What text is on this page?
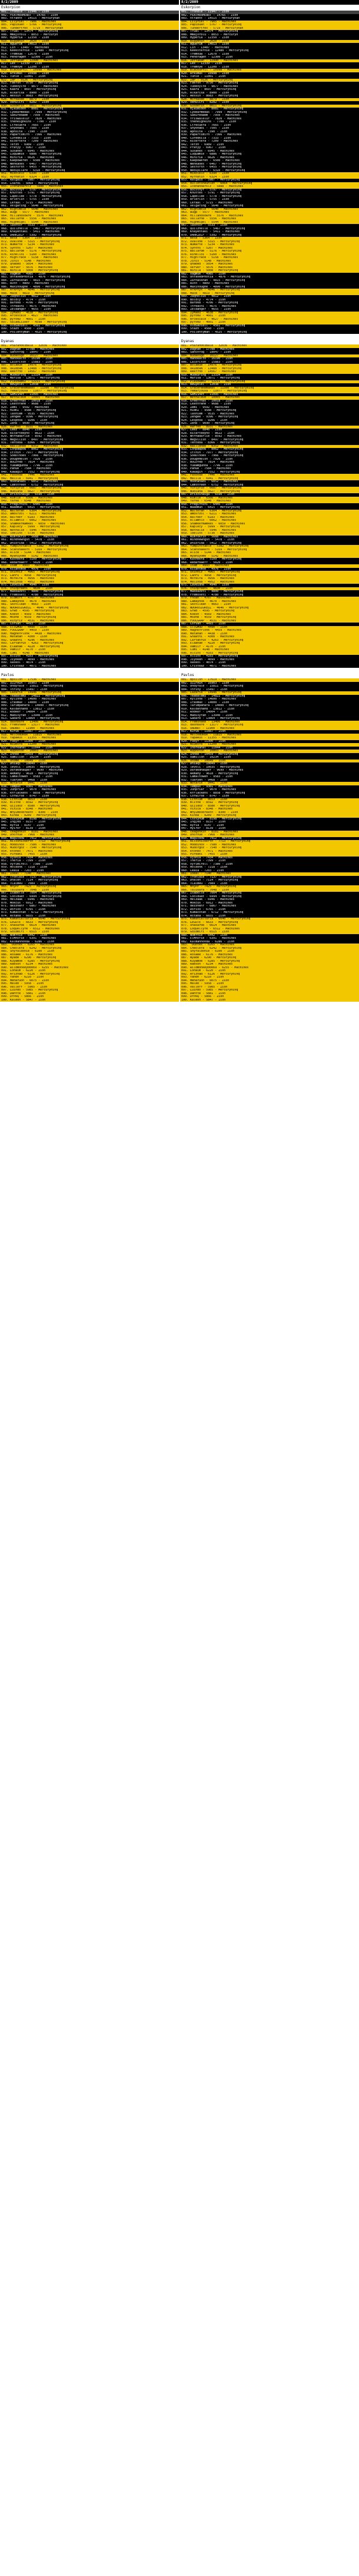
8/2/2009
Eskorpion
001. Trondle - 11946 - Zion
002. FEATHERHEART - 14765 - Zion
003. ntrahnt - 14515 - Mercurynan
004. Lilyriel - 7906 - Machines
005. Papibuen - 5766 - Mercuryninq
006. Tundertrex - 5719 - Mercurynan
007. Trual - 13474 - Mercuryninq
008. Mmajorblu - 8053 - Mercuryn
009. Hyperia - 12350 - Zion
010. Bigyenin - 2020 - Zion
011. Aguerim - 14013 - Zion
012. Lin - 13487 - Machines
013. Keeksternie - 12480 - Mercuryninq
014. Tremouw - 12670 - Zion
015. Pendragen - 12300 - Zion
016. Zettakan - 12990 - Machines
017. Lex - 12339 - Zion
018. Tremoye - 12200 - Zion
019. BlacksPril - 10998 - Machines
020. Arkimas - 10998 - Zion
021. Tuhle - 11001 - Zion
022. ZaP - 9126 - Mercuryninq
023. Faeron - 9750 - Mercuryninq
024. Tubexylfe - 9877 - Machines
025. Kaara - 8697 - Mercuryninq
026. Alkarisa - 8900 - Zion
027. Aessin - 8683 - Mercuryninq
028. Mordaxeb - 8879 - Zion
029. Vehuliri - 8282 - Zion
030. Gusdefin - 8011 - Mercuryninq
031. Hjaimidon - 8081 - Mercuryninq
032. Cybearmedas - 7999 - Mercuryninq
033. Sakuredaem - 7950 - Machines
034. Yriswalelur - 7820 - Machines
035. theneighkins - 7700 - Zion
036. Ltrecuera - 7665 - Zion
037. Shyohabi - 7505 - Zion
038. Aphsita - 7390 - Zion
039. Papartimirn - 7366 - Machines
040. Cufedkila - 7333 - Zion
041. Ricertera - 7209 - Machines
042. Terzh - 6989 - Zion
043. Pratyy - 6967 - Zion
044. Susanex - 6945 - Machines
045. Luquamie - 6886 - Mercuryninq
046. Mihiria - 6626 - Machines
047. Kaepoweren - 6500 - Machines
048. Nehkaoes - 6467 - Mercuryninq
049. Sesforth - 6455 - Mercuryninq
050. Nedipilare - 6310 - Mercuryninq
051. Mikolelo - 6390 - Zion
052. Ayrhatin - 6324 - Zion
053. Ralgaid - 5987 - Mercuryninq
054. Loardi - 6064 - Mercuryninq
055. Icehandarklz - 5888 - Machines
056. Bocsthyr - 5797 - Mercuryninq
057. Khuttes - 5791 - Mercuryninq
058. Lapellee - 5778 - Mercuryninq
059. Arlerlin - 5755 - Zion
060. Leraal - 5715 - Machines
061. Velgaring - 5640 - Mercuryninq
062. Bighimble - 5640 - Machines
063. wugp - 5577 - Machines
064. Hillandsowre - 5576 - Machines
065. Vallarne - 5556 - Machines
066. Highmigel - 5544 - Machines
067. lashtor - 5533 - Zion
068. Quilzhelle - 5467 - Mercuryninq
069. Khayentaki - 5411 - Machines
070. DARKZELF - 5392 - Mercuryninq
071. Besa - 5364 - Zion
072. Uvalshe - 5315 - Mercuryninq
073. Numarte - 5234 - Machines
074. Synths - 5207 - Machines
075. Ballarde - 5176 - Mercuryninq
076. Rinelloi - 5160 - Machines
077. HighTrace - 5158 - Machines
078. Jinis - 5148 - Machines
079. Qhabed - 5054 - Machines
080. server - 5076 - Machines
081. Ninila - 5008 - Mercuryninq
082. Vagmue - 4985 - Zion
083. UnfavedPhotia - 4876 - Mercuryninq
084. Zarnaskhan - 4815 - Mercuryninq
085. Ruth - 4809 - Machines
086. Maxihoughe - 4890 - Mercuryninq
087. ArkPhyx - 4846 - Mercuryninq
088. MacB - 4819 - Mercuryninq
089. Jaqhelius - 4812 - Zion
090. Boldly - 4774 - Zion
091. Barb08 - 4706 - Mercuryninq
092. Threachi - 4675 - Machines
093. Zeldanger - 4655 - Zion
094. ZyMabu - 4638 - Mercuryninq
095. Arcescale - 4627 - Machines
096. pyro0D - 4601 - Zion
097. saladLiiRer - 4598 - Mercuryninq
098. OldSaviell - 4561 - Mercuryninq
099. Stazh - 4560 - Zion
100. Poilentyman - 4525 - Mercuryninq
Dyanas
001. Pharah003Bale - 32036 - Machines
002. Dagnae - 17788 - Machines
003. Sanchrog - 18047 - Zion
004. Budaosgo - 16127 - Machines
005. Hanokalto - 16190 - Zion
006. Lalbriton - 15883 - Zion
007. Bolabue - 14976 - Mercuryninq
008. ORIBERN - 13488 - Mercuryninq
009. Reerrnb - 14567 - Machines
010. Mudkaring - 13334 - Zion
011. Marisa - 13071 - Mercuryninq
012. PleshRm02 - 12211 - Mercuryninq
013. BeGyelel - 12038 - Zion
014. GraceFeRemakes - 11500 - Mercuryninq
015. remarjouxa - 11077 - Mercuryninq
016. GeMIShet - 11095 - Machines
017. methaTeOd - 10005 - Machines
018. Greefrhas - 10018 - Zion
019. Leathrane - 9688 - Zion
020. Zemi - 9592 - Machines
021. HIBKI - 9588 - Mercuryninq
022. lashiem - 9535 - Machines
023. Zengee - 9396 - Mercuryninq
024. Lesphoa - 9206 - Zion
025. Zeh8 - 9090 - Mercuryninq
026. RwFre8 - 8931 - Machines
027. Leez - 8846 - Zion
028. Ricartedyno - 8622 - Zion
029. Nhrhadarlie - 8592 - Machines
030. Megvilish - 8497 - Mercuryninq
031. Tenteba - 8366 - Mercuryninq
032. Raillenee - 8352 - Machines
033. Lonpawpow - 8062 - Mercuryninq
034. ItThin - 7977 - Mercuryninq
035. SoeDThoes - 7966 - Mercuryninq
036. DoughHelon - 7926 - Zion
037. BOLDYRB - 7814 - Machines
038. Yueamgunna - 7796 - Zion
039. Panue - 7584 - Machines
040. Kawagin - 7552 - Mercuryninq
041. Fasonda - 7446 - Machines
042. Malila - 6941 - Mercuryninq
043. Hodhahadi - 6852 - Machines
044. Cemthreen - 6752 - Mercuryninq
045. Yuriyr10 - 6687 - Mercuryninq
046. Nubiana - 6627 - Mercuryninq
047. Drizzinaiga - 6590 - Zion
048. Rimlie - 6566 - Machines
049. Yarke - 6548 - Machines
050. Pregirnini - 6445 - Zion
051. Waadmun - 6415 - Mercuryninq
052. Walteran - 6304 - Mercuryninq
053. ambsrzol - 6211 - Machines
054. Balfeer - 6183 - Machines
055. Allamnlo - 6062 - Machines
056. ShamkerNamkes - 6059 - Machines
057. Kaplecy - 5999 - Mercuryninq
058. Nathalie - 5946 - Machines
059. lbelinx - 5730 - Machines
060. Nimrokrin - 5688 - Machines
061. Windnewngsh - 5478 - Zion
062. Dhibrida - 5412 - Mercuryninq
063. Yumpinstable - 5382 - Mercuryninq
064. Scanshakern - 5169 - Mercuryninq
065. Alice - 5144 - Machines
066. Nyahuyome - 5142 - Machines
067. Kasheera - 5109 - Mercuryninq
068. Redarbaeff - 5020 - Zion
069. Isam - 4993 - Machines
070. Ricahtmoe - 4976 - Zion
071. Oxinhiz - 4965 - Mercuryninq
072. LanFu - 4958 - Mercuryninq
073. Moreira - 4956 - Machines
074. Malinoa - 4952 - Machines
075. Laveidne - 4940 - Zion
076. chinpreeni - 4830 - Zion
077. Makkazeti - 4800 - Mercuryninq
078. Fremoseti - 4780 - Mercuryninq
079. aldmort - 4707 - Machines
080. Lamaynok - 4670 - Machines
081. Skotilean - 4663 - Zion
082. NDOROSIGKELL - 4646 - Mercuryninq
083. Grwd - 4595 - Mercuryninq
084. Koesh - 4569 - Machines
085. Mozhe - 4559 - Mercuryninq
086. Rinyfiz - 4531 - Machines
087. Corvah - 4493 - Zion
088. illGMOD - 4490 - Zion
089. FOOLGRAP - 4459 - Zion
090. HagnerPlonk - 4438 - Machines
091. Matahah - 4300 - Zion
092. Gnaathi - 4296 - Machines
093. Cartanrux - 4263 - Mercuryninq
094. Elaanae - 4220 - Mercuryninq
095. Vamiir - 4170 - Zion
096. Cumi - 4148 - Machines
097. Alcinx - 4103 - Mercuryninq
098. Jiyoken - 4099 - Machines
099. Xaskol - 4074 - Zion
100. Cristeaz - 4071 - Machines
Pavlos
001. Bpsilon - 17536 - Machines
002. ILLFAIR - 16903 - Zion
003. Ondyrale - 15811 - Mercuryninq
004. Thriny - 15497 - Zion
005. Lazaria - 14946 - Mercuryninq
006. Teadalemy - 14822 - Mercuryninq
007. Rylinne - 14600 - Machines
008. Irasmax - 14000 - Zion
009. Tarimpahara - 14000 - Mercuryninq
010. Kaldathand - 13812 - Zion
011. Rodker - 14004 - Zion
012. Madisyrah - 13940 - Zion
013. Gabarb - 13864 - Mercuryninq
014. dashbare - 13406 - Mercuryninq
015. Fremsnake - 13177 - Machines
016. OADBRT - 11900 - Machines
017. Kuruk - 11667 - Zion
018. MelckeDROR - 11815 - Machines
019. Yapaeus - 11355 - Machines
020. Fobyr - 11300 - Zion
021. Niuesf8 - 11200 - Machines
022. Inbreanal - 11044 - Zion
023. RDphoton - 10803 - Machines
024. Innke - 10459 - Mercuryninq
025. Xamillon - 10234 - Zion
026. Unsme - 10049 - Zion
027. Dhiaqi - 10049 - Zion
028. levoli - 10035 - Mercuryninq
029. Darakdhauper - 9699 - Machines
030. Akmany - 9618 - Mercuryninq
031. Camaltowen - 9583 - Zion
032. Tuaryen - 9468 - Zion
033. Notarie - 9441 - Zion
034. Tempus - 9301 - Machines
035. Juhpriar - 9070 - Machines
036. RfFlackens - 8858 - Mercuryninq
037. Cofwirse - 8747 - Zion
038. Lithlum - 8653 - Zion
039. mlithe - 8592 - Mercuryninq
040. Qijidoz - 8580 - Mercuryninq
041. Vixica - 8348 - Machines
042. WhyImesBreath - 8300 - Zion
043. Kinda - 8289 - Mercuryninq
044. Cozsynum - 8198 - Mercuryninq
045. Ingjed - 8157 - Zion
046. Ryria - 8147 - Zion
047. Hyirer - 8139 - Zion
048. ceagonkin - 8101 - Machines
049. Dhorhue - 7968 - Machines
050. magicbow - 7912 - Mercuryninq
051. Ailssnickerth - 7713 - Mercuryninq
052. Hobbinox - 7580 - Machines
053. Mudorgoz - 7540 - Mercuryninq
054. Rtonbo - 7471 - Machines
055. Pureaki - 7455 - Zion
056. Ojonia - 7434 - Machines
057. Theria - 7399 - Zion
058. Vyrimirell - 7380 - Zion
059. Holdonk - 7218 - Zion
060. Leaia - 7203 - Zion
061. Ioeal - 7140 - Machines
062. Tronlaie - 7137 - Mercuryninq
063. Dhalen - 7114 - Mercuryninq
064. TCalmeu - 7089 - Zion
065. MhyPP - 7425 - Mercuryninq
066. Taluvara - 7048 - Zion
067. Isabelle - 7004 - Mercuryninq
068. Coolduat - 6994 - Mercuryninq
069. Helzaak - 6946 - Machines
070. Mokcus - 6912 - Machines
071. dezzhenr - 6867 - Machines
072. Dorixo - 6765 - Zion
073. Kumacotan - 6712 - Mercuryninq
074. Astana - 6655 - Zion
075. Kamahialtaria - 6640 - Mercuryninq
076. LEGOTE - 6633 - Mercuryninq
077. Xhasar08 - 6614 - Machines
078. Loquellyre - 6512 - Machines
079. Gdidmiri - 6515 - Zion
080. Nomrhie - 6442 - Zion
081. ElMhorie - 6391 - Machines
082. Kalmanhonda - 6286 - Zion
083. 'Duotex - 6265 - Machines
084. Cheolera - 6242 - Mercuryninq
085. Shyralbonie - 6100 - Zion
086. Rosaee - 6176 - Machines
087. Nyade - 6290 - Mercuryninq
088. Kuyamoe - 6285 - Mercuryninq
089. Raeson - 6234 - Machines
090. wildmonkey00069 - 6255 - Machines
091. Lohaim - 6220 - Zion
092. Arizhad - 6126 - Mercuryninq
093. Yandh - 6210 - Zion
094. Meharuon - 6075 - Zion
095. Maleb - 5958 - Zion
096. Vallerr - 5905 - Zion
097. Luindo - 5985 - Mercuryninq
098. Dantte - 5881 - Zion
099. DrPRQ - 5866 - Zion
100. Kaleon - 5847 - Zion
8/2/2009
Eskorpion
001. Trondle - 11947 - Zion
002. FEATHERHEART - 14765 - Zion
003. ntrahnt - 14515 - Mercurynan
004. Lilyriel - 7905 - Machines
005. Papibuen - 5767 - Mercuryninq
006. Tundertrex - 5719 - Mercurynan
007. Trual - 13474 - Mercuryninq
008. Mmajorblu - 8053 - Mercuryn
009. Hyperia - 12350 - Zion
010. Bigyenin - 2020 - Zion
011. Aguerim - 14013 - Zion
012. Lin - 13487 - Machines
013. Keeksternie - 12480 - Mercuryninq
014. Tremouw - 12670 - Zion
015. Pendragen - 12300 - Zion
016. Zettakan - 12990 - Machines
017. Lex - 12339 - Zion
018. Tremoye - 12200 - Zion
019. BlacksPril - 10998 - Machines
020. Arkimas - 10998 - Zion
021. Tuhle - 11001 - Zion
022. ZaP - 9126 - Mercuryninq
023. Faeron - 9750 - Mercuryninq
024. Tubexylfe - 9877 - Machines
025. Kaara - 8697 - Mercuryninq
026. Alkarisa - 8900 - Zion
027. Aessin - 8683 - Mercuryninq
028. Mordaxeb - 8879 - Zion
029. Vehuliri - 8282 - Zion
030. Gusdefin - 8011 - Mercuryninq
031. Hjaimidon - 8081 - Mercuryninq
032. Cybearmedas - 7999 - Mercuryninq
033. Sakuredaem - 7950 - Machines
034. Yriswalelur - 7820 - Machines
035. theneighkins - 7700 - Zion
036. Ltrecuera - 7665 - Zion
037. Shyohabi - 7505 - Zion
038. Aphsita - 7390 - Zion
039. Papartimirn - 7366 - Machines
040. Cufedkila - 7333 - Zion
041. Ricertera - 7209 - Machines
042. Terzh - 6989 - Zion
043. Pratyy - 6967 - Zion
044. Susanex - 6945 - Machines
045. Luquamie - 6886 - Mercuryninq
046. Mihiria - 6626 - Machines
047. Kaepoweren - 6500 - Machines
048. Nehkaoes - 6467 - Mercuryninq
049. Sesforth - 6455 - Mercuryninq
050. Nedipilare - 6310 - Mercuryninq
051. Mikolelo - 6390 - Zion
052. Ayrhatin - 6324 - Zion
053. Ralgaid - 5987 - Mercuryninq
054. bulletsneuhlen - 6064 - Mercuryninq
055. Icehandarklz - 5888 - Machines
056. Bocsthyr - 5797 - Mercuryninq
057. Khuttes - 5791 - Mercuryninq
058. Lapellee - 5778 - Mercuryninq
059. Arlerlin - 5755 - Zion
060. Leraal - 5715 - Machines
061. Velgaring - 5640 - Mercuryninq
062. Bighimble - 5640 - Machines
063. wugp - 5577 - Machines
064. Hillandsowre - 5576 - Machines
065. Vallarne - 5556 - Machines
066. Highmigel - 5544 - Machines
067. lashtor - 5533 - Zion
068. Quilzhelle - 5467 - Mercuryninq
069. Khayentaki - 5411 - Machines
070. DARKZELF - 5392 - Mercuryninq
071. Besa - 5364 - Zion
072. Uvalshe - 5315 - Mercuryninq
073. Numarte - 5234 - Machines
074. Synths - 5207 - Machines
075. Ballarde - 5176 - Mercuryninq
076. Rinelloi - 5160 - Machines
077. HighTrace - 5158 - Machines
078. Jinis - 5148 - Machines
079. Qhabed - 5054 - Machines
080. server - 5076 - Machines
081. Ninila - 5008 - Mercuryninq
082. Vagmue - 4985 - Zion
083. UnfavedPhotia - 4876 - Mercuryninq
084. Zarnaskhan - 4815 - Mercuryninq
085. Ruth - 4809 - Machines
086. Maxihoughe - 4890 - Mercuryninq
087. ArkPhyx - 4846 - Mercuryninq
088. MacB - 4819 - Mercuryninq
089. Jaqhelius - 4812 - Zion
090. Boldly - 4774 - Zion
091. Barb08 - 4706 - Mercuryninq
092. Threachi - 4675 - Machines
093. Zeldanger - 4655 - Zion
094. ZyMabu - 4638 - Mercuryninq
095. pyro0D - 4601 - Zion
096. Arcescale - 4627 - Machines
097. pyro0D - 4601 - Zion
098. OldSaviell - 4561 - Mercuryninq
099. Stazh - 4560 - Zion
100. Poilentyman - 4525 - Mercuryninq
Dyanas
001. Pharah003Bale - 32036 - Machines
002. Dagnae - 17788 - Machines
003. Sanchrog - 18047 - Zion
004. Budaosgo - 16127 - Machines
005. Hanokalto - 16190 - Zion
006. Lalbriton - 15883 - Zion
007. Bolabue - 14976 - Mercuryninq
008. ORIBERN - 13488 - Mercuryninq
009. Reerrnb - 14567 - Machines
010. Mudkaring - 13334 - Zion
011. Marisa - 13071 - Mercuryninq
012. PleshRm02 - 12211 - Mercuryninq
013. BeGyelel - 12038 - Zion
014. GraceFeRemakes - 11500 - Mercuryninq
015. remarjouxa - 11077 - Mercuryninq
016. GeMIShet - 11095 - Machines
017. methaTeOd - 10005 - Machines
018. Greefrhas - 10018 - Zion
019. Leathrane - 9688 - Zion
020. Zemi - 9592 - Machines
021. HIBKI - 9588 - Mercuryninq
022. lashiem - 9535 - Machines
023. Zengee - 9396 - Mercuryninq
024. Lesphoa - 9206 - Zion
025. Zeh8 - 9090 - Mercuryninq
026. RwFre8 - 8931 - Machines
027. Leez - 8846 - Zion
028. Ricartedyno - 8622 - Zion
029. Nhrhadarlie - 8592 - Machines
030. Megvilish - 8497 - Mercuryninq
031. Tenteba - 8366 - Mercuryninq
032. Raillenee - 8352 - Machines
033. Lonpawpow - 8062 - Mercuryninq
034. ItThin - 7977 - Mercuryninq
035. SoeDThoes - 7966 - Mercuryninq
036. DoughHelon - 7926 - Zion
037. BOLDYRB - 7814 - Machines
038. Yueamgunna - 7796 - Zion
039. Panue - 7584 - Machines
040. Kawagin - 7552 - Mercuryninq
041. Fasonda - 7446 - Machines
042. Malila - 6941 - Mercuryninq
043. Hodhahadi - 6852 - Machines
044. Cemthreen - 6752 - Mercuryninq
045. Yuriyr10 - 6687 - Mercuryninq
046. Nubiana - 6627 - Mercuryninq
047. Drizzinaiga - 6590 - Zion
048. Rimlie - 6566 - Machines
049. Yarke - 6548 - Machines
050. Pregirnini - 6445 - Zion
051. Waadmun - 6415 - Mercuryninq
052. Walteran - 6304 - Mercuryninq
053. ambsrzol - 6211 - Machines
054. Balfeer - 6183 - Machines
055. Allamnlo - 6062 - Machines
056. ShamkerNamkes - 6059 - Machines
057. Kaplecy - 5999 - Mercuryninq
058. Nathalie - 5946 - Machines
059. lbelinx - 5730 - Machines
060. Nimrokrin - 5688 - Machines
061. Windnewngsh - 5478 - Zion
062. Dhibrida - 5412 - Mercuryninq
063. Yumpinstable - 5382 - Mercuryninq
064. Scanshakern - 5169 - Mercuryninq
065. Alice - 5144 - Machines
066. Nyahuyome - 5142 - Machines
067. Kasheera - 5109 - Mercuryninq
068. Redarbaeff - 5020 - Zion
069. Isam - 4993 - Machines
070. Ricahtmoe - 4976 - Zion
071. Oxinhiz - 4965 - Mercuryninq
072. LanFu - 4958 - Mercuryninq
073. Moreira - 4956 - Machines
074. Malinoa - 4952 - Machines
075. Laveidne - 4940 - Zion
076. chinpreeni - 4830 - Zion
077. Makkazeti - 4800 - Mercuryninq
078. Fremoseti - 4780 - Mercuryninq
079. Fnoah - 4707 - Machines
080. Lamaynok - 4670 - Machines
081. Skotilean - 4663 - Zion
082. NDOROSIGKELL - 4646 - Mercuryninq
083. Grwd - 4595 - Mercuryninq
084. Koesh - 4569 - Machines
085. Mozhe - 4559 - Mercuryninq
086. FOOLGRAP - 4531 - Machines
087. Corvah - 4493 - Zion
088. illGMOD - 4490 - Zion
089. HagnerPlonk - 4459 - Machines
090. Matahah - 4438 - Zion
091. Gnaathi - 4300 - Machines
092. Cartanrux - 4263 - Mercuryninq
093. Elaanae - 4220 - Mercuryninq
094. Vamiir - 4170 - Zion
095. Cumi - 4148 - Machines
096. Alcinx - 4103 - Mercuryninq
097. Alcinx - 4103 - Mercuryninq
098. Jiyoken - 4099 - Machines
099. Xaskol - 4074 - Zion
100. Cristeaz - 4071 - Machines
Pavlos
001. Bpsilon - 17619 - Machines
002. ILLFAIR - 16903 - Zion
003. Ondyrale - 15811 - Mercuryninq
004. Thriny - 15497 - Zion
005. Lazaria - 14946 - Mercuryninq
006. Teadalemy - 14822 - Mercuryninq
007. Rylinne - 14600 - Machines
008. Irasmax - 14000 - Zion
009. Tarimpahara - 14000 - Mercuryninq
010. Kaldathand - 13812 - Zion
011. Rodker - 14004 - Zion
012. Madisyrah - 13940 - Zion
013. Gabarb - 13864 - Mercuryninq
014. Fremsnake - 13406 - Machines
015. dashbare - 13177 - Mercuryninq
016. OADBRT - 11900 - Machines
017. Kuruk - 11667 - Zion
018. MelckeDROR - 11815 - Machines
019. Yapaeus - 11355 - Machines
020. Fobyr - 11300 - Zion
021. Niuesf8 - 11200 - Machines
022. Inbreanal - 11044 - Zion
023. RDphoton - 10803 - Machines
024. Innke - 10459 - Mercuryninq
025. Xamillon - 10234 - Zion
026. Unsme - 10049 - Zion
027. Dhiaqi - 10049 - Zion
028. levoli - 10035 - Mercuryninq
029. Darakdhauper - 9699 - Machines
030. Akmany - 9618 - Mercuryninq
031. Camaltowen - 9583 - Zion
032. Tuaryen - 9468 - Zion
033. Notarie - 9441 - Zion
034. Tempus - 9301 - Machines
035. Juhpriar - 9070 - Machines
036. RfFlackens - 8858 - Mercuryninq
037. Cofwirse - 8747 - Zion
038. Lithlum - 8653 - Zion
039. mlithe - 8592 - Mercuryninq
040. Qijidoz - 8580 - Mercuryninq
041. Vixica - 8348 - Machines
042. WhyImesBreath - 8300 - Zion
043. Kinda - 8289 - Mercuryninq
044. Cozsynum - 8198 - Mercuryninq
045. Ingjed - 8157 - Zion
046. Ryria - 8147 - Zion
047. Hyirer - 8139 - Zion
048. ceagonkin - 8101 - Machines
049. Dhorhue - 7968 - Machines
050. magicbow - 7912 - Mercuryninq
051. Ailssnickerth - 7713 - Mercuryninq
052. Hobbinox - 7580 - Machines
053. Mudorgoz - 7540 - Mercuryninq
054. Rtonbo - 7471 - Machines
055. Pureaki - 7455 - Zion
056. Ojonia - 7434 - Machines
057. Theria - 7399 - Zion
058. Vyrimirell - 7380 - Zion
059. Holdonk - 7218 - Zion
060. Leaia - 7203 - Zion
061. Ioeal - 7140 - Machines
062. Tronlaie - 7137 - Mercuryninq
063. Dhalen - 7114 - Mercuryninq
064. TCalmeu - 7089 - Zion
065. MhyPP - 7425 - Mercuryninq
066. Taluvara - 7048 - Zion
067. Isabelle - 7004 - Mercuryninq
068. Coolduat - 6994 - Mercuryninq
069. Helzaak - 6946 - Machines
070. Mokcus - 6912 - Machines
071. dezzhenr - 6867 - Machines
072. Dorixo - 6765 - Zion
073. Kumacotan - 6712 - Mercuryninq
074. Astana - 6655 - Zion
075. Kamahialtaria - 6640 - Mercuryninq
076. LEGOTE - 6633 - Mercuryninq
077. Xhasar08 - 6614 - Machines
078. Loquellyre - 6512 - Machines
079. Gdidmiri - 6515 - Zion
080. Nomrhie - 6442 - Zion
081. ElMhorie - 6391 - Machines
082. Kalmanhonda - 6286 - Zion
083. 'Duotex - 6265 - Machines
084. Cheolera - 6242 - Mercuryninq
085. Shyralbonie - 6100 - Zion
086. Rosaee - 6176 - Machines
087. Nyade - 6290 - Mercuryninq
088. Kuyamoe - 6285 - Mercuryninq
089. Raeson - 6234 - Machines
090. wildmonkey00069 - 6255 - Machines
091. Lohaim - 6220 - Zion
092. Arizhad - 6126 - Mercuryninq
093. Yandh - 6210 - Zion
094. Meharuon - 6075 - Zion
095. Maleb - 5958 - Zion
096. Vallerr - 5905 - Zion
097. Luindo - 5985 - Mercuryninq
098. Dantte - 5881 - Zion
099. DrPRQ - 5866 - Zion
100. Kaleon - 5847 - Zion
